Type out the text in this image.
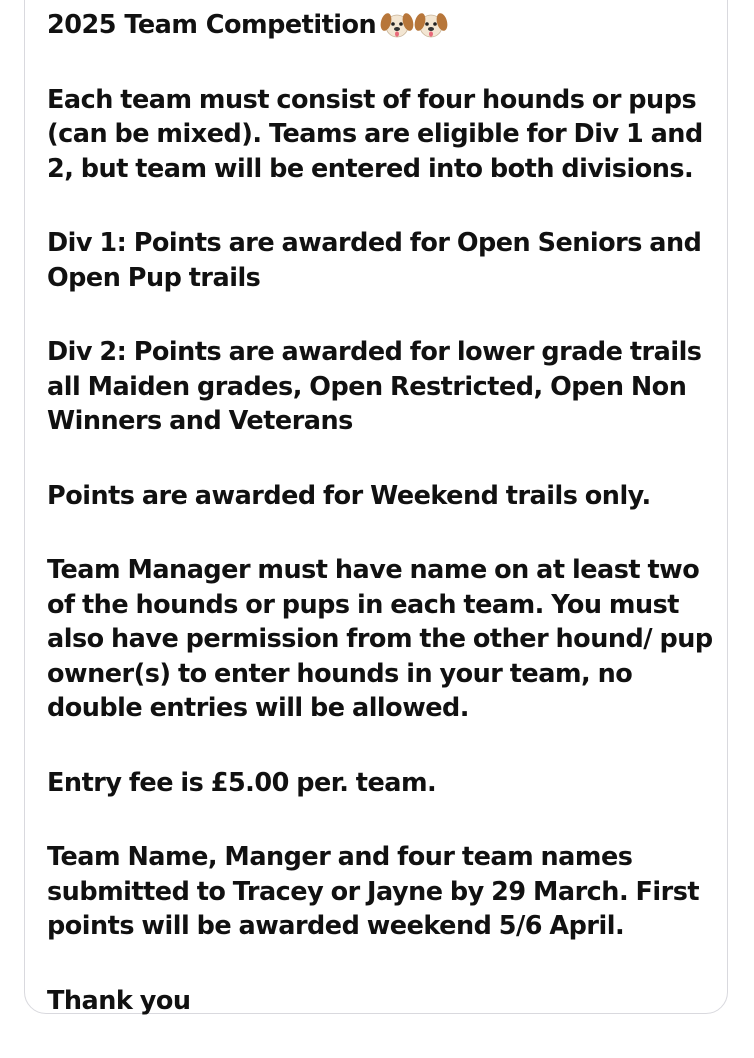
2025 Team Competition

Each team must consist of four hounds or pups (can be mixed). Teams are eligible for Div 1 and 2, but team will be entered into both divisions.

Div 1: Points are awarded for Open Seniors and Open Pup trails

Div 2: Points are awarded for lower grade trails all Maiden grades, Open Restricted, Open Non Winners and Veterans

Points are awarded for Weekend trails only.

Team Manager must have name on at least two of the hounds or pups in each team. You must also have permission from the other hound/ pup owner(s) to enter hounds in your team, no double entries will be allowed.

Entry fee is £5.00 per. team.

Team Name, Manger and four team names submitted to Tracey or Jayne by 29 March. First points will be awarded weekend 5/6 April.

Thank you
